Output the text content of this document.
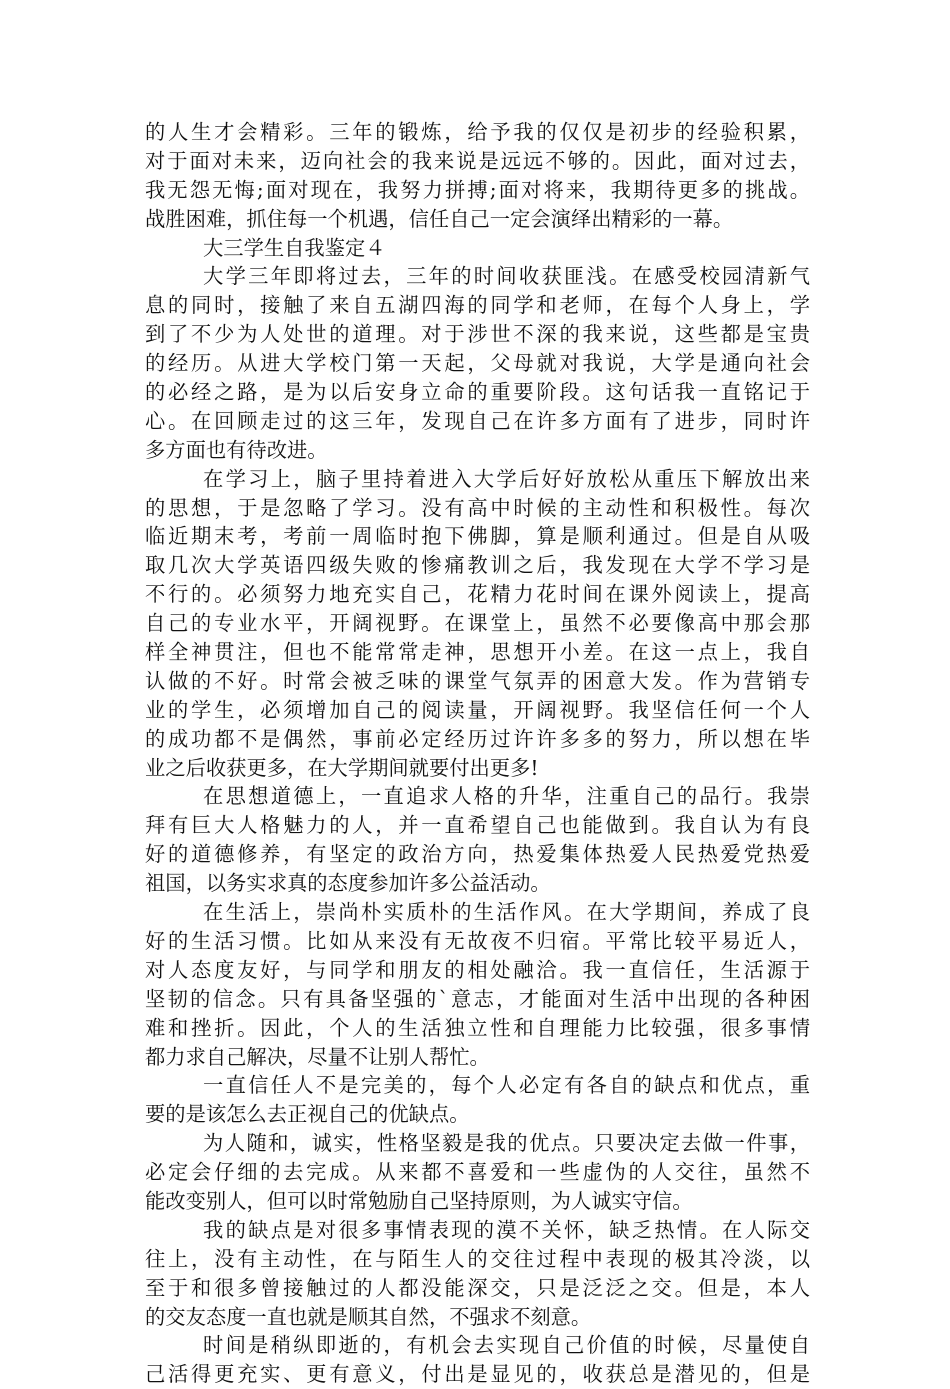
的人生才会精彩。三年的锻炼，给予我的仅仅是初步的经验积累，
对于面对未来，迈向社会的我来说是远远不够的。因此，面对过去，
我无怨无悔;面对现在，我努力拼搏;面对将来，我期待更多的挑战。
战胜困难，抓住每一个机遇，信任自己一定会演绎出精彩的一幕。
大三学生自我鉴定４
大学三年即将过去，三年的时间收获匪浅。在感受校园清新气
息的同时，接触了来自五湖四海的同学和老师，在每个人身上，学
到了不少为人处世的道理。对于涉世不深的我来说，这些都是宝贵
的经历。从进大学校门第一天起，父母就对我说，大学是通向社会
的必经之路，是为以后安身立命的重要阶段。这句话我一直铭记于
心。在回顾走过的这三年，发现自己在许多方面有了进步，同时许
多方面也有待改进。
在学习上，脑子里持着进入大学后好好放松从重压下解放出来
的思想，于是忽略了学习。没有高中时候的主动性和积极性。每次
临近期末考，考前一周临时抱下佛脚，算是顺利通过。但是自从吸
取几次大学英语四级失败的惨痛教训之后，我发现在大学不学习是
不行的。必须努力地充实自己，花精力花时间在课外阅读上，提高
自己的专业水平，开阔视野。在课堂上，虽然不必要像高中那会那
样全神贯注，但也不能常常走神，思想开小差。在这一点上，我自
认做的不好。时常会被乏味的课堂气氛弄的困意大发。作为营销专
业的学生，必须增加自己的阅读量，开阔视野。我坚信任何一个人
的成功都不是偶然，事前必定经历过许许多多的努力，所以想在毕
业之后收获更多，在大学期间就要付出更多!
在思想道德上，一直追求人格的升华，注重自己的品行。我崇
拜有巨大人格魅力的人，并一直希望自己也能做到。我自认为有良
好的道德修养，有坚定的政治方向，热爱集体热爱人民热爱党热爱
祖国，以务实求真的态度参加许多公益活动。
在生活上，崇尚朴实质朴的生活作风。在大学期间，养成了良
好的生活习惯。比如从来没有无故夜不归宿。平常比较平易近人，
对人态度友好，与同学和朋友的相处融洽。我一直信任，生活源于
坚韧的信念。只有具备坚强的`意志，才能面对生活中出现的各种困
难和挫折。因此，个人的生活独立性和自理能力比较强，很多事情
都力求自己解决，尽量不让别人帮忙。
一直信任人不是完美的，每个人必定有各自的缺点和优点，重
要的是该怎么去正视自己的优缺点。
为人随和，诚实，性格坚毅是我的优点。只要决定去做一件事，
必定会仔细的去完成。从来都不喜爱和一些虚伪的人交往，虽然不
能改变别人，但可以时常勉励自己坚持原则，为人诚实守信。
我的缺点是对很多事情表现的漠不关怀，缺乏热情。在人际交
往上，没有主动性，在与陌生人的交往过程中表现的极其冷淡，以
至于和很多曾接触过的人都没能深交，只是泛泛之交。但是，本人
的交友态度一直也就是顺其自然，不强求不刻意。
时间是稍纵即逝的，有机会去实现自己价值的时候，尽量使自
己活得更充实、更有意义，付出是显见的，收获总是潜见的，但是
